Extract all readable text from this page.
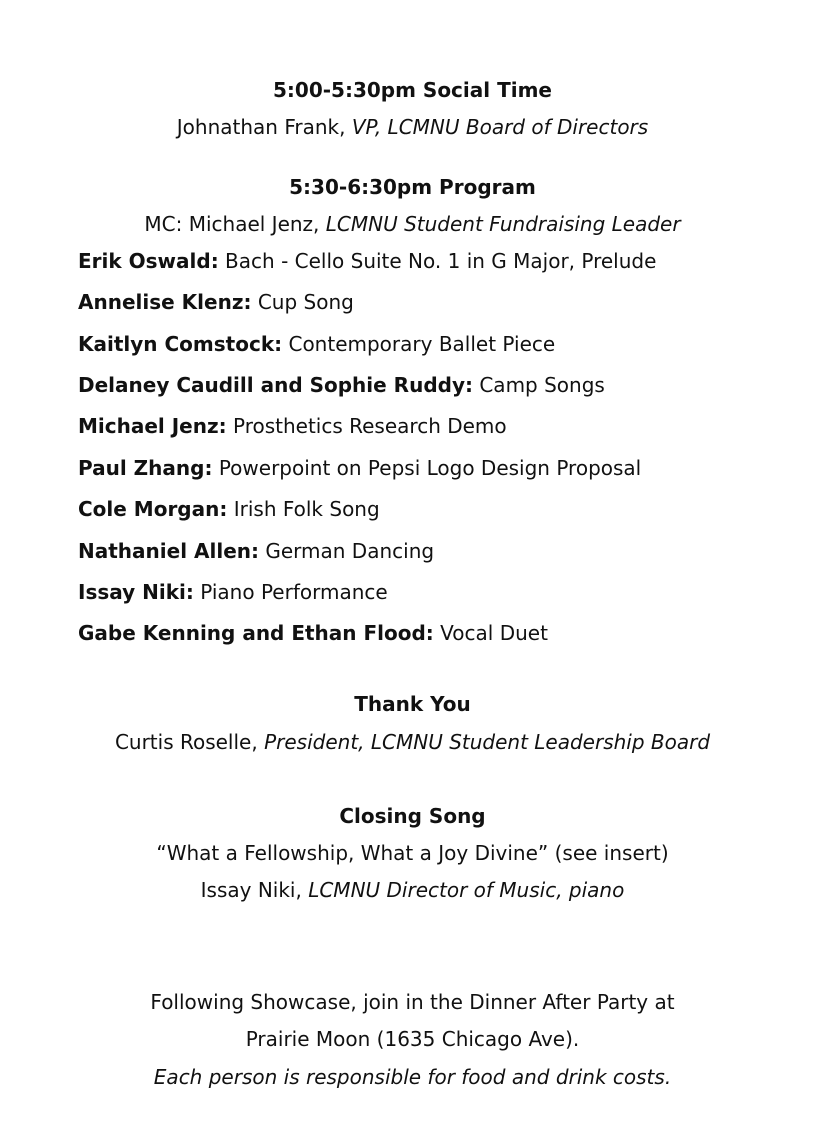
5:00-5:30pm Social Time
Johnathan Frank, VP, LCMNU Board of Directors
5:30-6:30pm Program
MC: Michael Jenz, LCMNU Student Fundraising Leader
Erik Oswald: Bach - Cello Suite No. 1 in G Major, Prelude
Annelise Klenz: Cup Song
Kaitlyn Comstock: Contemporary Ballet Piece
Delaney Caudill and Sophie Ruddy: Camp Songs
Michael Jenz: Prosthetics Research Demo
Paul Zhang: Powerpoint on Pepsi Logo Design Proposal
Cole Morgan: Irish Folk Song
Nathaniel Allen: German Dancing
Issay Niki: Piano Performance
Gabe Kenning and Ethan Flood: Vocal Duet
Thank You
Curtis Roselle, President, LCMNU Student Leadership Board
Closing Song
“What a Fellowship, What a Joy Divine” (see insert)
Issay Niki, LCMNU Director of Music, piano
Following Showcase, join in the Dinner After Party at
Prairie Moon (1635 Chicago Ave).
Each person is responsible for food and drink costs.
